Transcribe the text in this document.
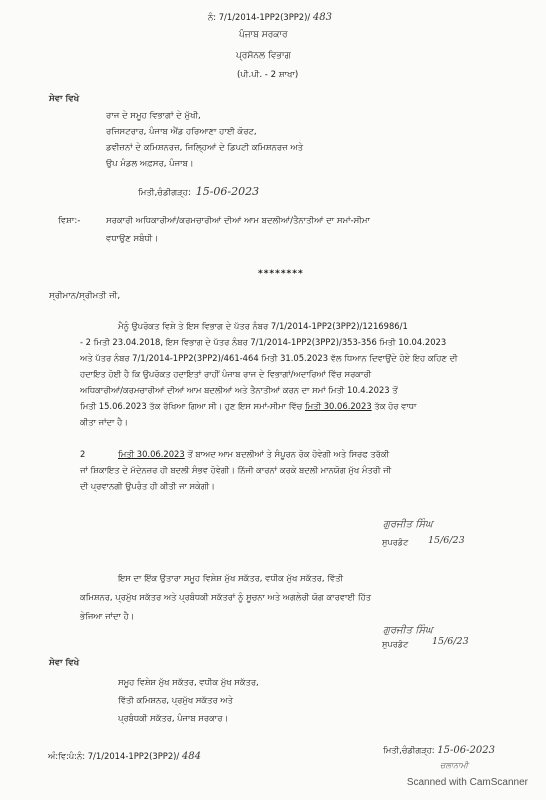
ਨੰ: 7/1/2014-1PP2(3PP2)/ 483
ਪੰਜਾਬ ਸਰਕਾਰ
ਪ੍ਰਸੋਨਲ ਵਿਭਾਗ
(ਪੀ.ਪੀ. - 2 ਸ਼ਾਖਾ)
ਸੇਵਾ ਵਿਖੇ
ਰਾਜ ਦੇ ਸਮੂਹ ਵਿਭਾਗਾਂ ਦੇ ਮੁੱਖੀ,
ਰਜਿਸਟਰਾਰ, ਪੰਜਾਬ ਐਂਡ ਹਰਿਆਣਾ ਹਾਈ ਕੋਰਟ,
ਡਵੀਜ਼ਨਾਂ ਦੇ ਕਮਿਸ਼ਨਰਜ਼, ਜਿਲ੍ਹਿਆਂ ਦੇ ਡਿਪਟੀ ਕਮਿਸ਼ਨਰਜ਼ ਅਤੇ
ਉਪ ਮੰਡਲ ਅਫ਼ਸਰ, ਪੰਜਾਬ।
ਮਿਤੀ,ਚੰਡੀਗੜ੍ਹ: 15-06-2023
ਵਿਸ਼ਾ:-	ਸਰਕਾਰੀ ਅਧਿਕਾਰੀਆਂ/ਕਰਮਚਾਰੀਆਂ ਦੀਆਂ ਆਮ ਬਦਲੀਆਂ/ਤੈਨਾਤੀਆਂ ਦਾ ਸਮਾਂ-ਸੀਮਾ
ਵਧਾਉਣ ਸਬੰਧੀ।
********
ਸ੍ਰੀਮਾਨ/ਸ੍ਰੀਮਤੀ ਜੀ,
ਮੈਨੂੰ ਉਪਰੋਕਤ ਵਿਸ਼ੇ ਤੇ ਇਸ ਵਿਭਾਗ ਦੇ ਪੱਤਰ ਨੰਬਰ 7/1/2014-1PP2(3PP2)/1216986/1
- 2 ਮਿਤੀ 23.04.2018, ਇਸ ਵਿਭਾਗ ਦੇ ਪੱਤਰ ਨੰਬਰ 7/1/2014-1PP2(3PP2)/353-356 ਮਿਤੀ 10.04.2023
ਅਤੇ ਪੱਤਰ ਨੰਬਰ 7/1/2014-1PP2(3PP2)/461-464 ਮਿਤੀ 31.05.2023 ਵੱਲ ਧਿਆਨ ਦਿਵਾਉਂਦੇ ਹੋਏ ਇਹ ਕਹਿਣ ਦੀ
ਹਦਾਇਤ ਹੋਈ ਹੈ ਕਿ ਉਪਰੋਕਤ ਹਦਾਇਤਾਂ ਰਾਹੀਂ ਪੰਜਾਬ ਰਾਜ ਦੇ ਵਿਭਾਗਾਂ/ਅਦਾਰਿਆਂ ਵਿੱਚ ਸਰਕਾਰੀ
ਅਧਿਕਾਰੀਆਂ/ਕਰਮਚਾਰੀਆਂ ਦੀਆਂ ਆਮ ਬਦਲੀਆਂ ਅਤੇ ਤੈਨਾਤੀਆਂ ਕਰਨ ਦਾ ਸਮਾਂ ਮਿਤੀ 10.4.2023 ਤੋਂ
ਮਿਤੀ 15.06.2023 ਤੱਕ ਰੱਖਿਆ ਗਿਆ ਸੀ। ਹੁਣ ਇਸ ਸਮਾਂ-ਸੀਮਾ ਵਿੱਚ ਮਿਤੀ 30.06.2023 ਤੱਕ ਹੋਰ ਵਾਧਾ
ਕੀਤਾ ਜਾਂਦਾ ਹੈ।
2	ਮਿਤੀ 30.06.2023 ਤੋਂ ਬਾਅਦ ਆਮ ਬਦਲੀਆਂ ਤੇ ਸੰਪੂਰਨ ਰੋਕ ਹੋਵੇਗੀ ਅਤੇ ਸਿਰਫ ਤਰੱਕੀ
ਜਾਂ ਸ਼ਿਕਾਇਤ ਦੇ ਮੱਦੇਨਜ਼ਰ ਹੀ ਬਦਲੀ ਸੰਭਵ ਹੋਵੇਗੀ। ਨਿੱਜੀ ਕਾਰਨਾਂ ਕਰਕੇ ਬਦਲੀ ਮਾਨਯੋਗ ਮੁੱਖ ਮੰਤਰੀ ਜੀ
ਦੀ ਪ੍ਰਵਾਨਗੀ ਉਪਰੰਤ ਹੀ ਕੀਤੀ ਜਾ ਸਕੇਗੀ।
ਗੁਰਜੀਤ ਸਿੰਘ
ਸੁਪਰਡੰਟ 15/6/23
ਇਸ ਦਾ ਇੱਕ ਉਤਾਰਾ ਸਮੂਹ ਵਿਸ਼ੇਸ਼ ਮੁੱਖ ਸਕੱਤਰ, ਵਧੀਕ ਮੁੱਖ ਸਕੱਤਰ, ਵਿੱਤੀ
ਕਮਿਸ਼ਨਰ, ਪ੍ਰਮੁੱਖ ਸਕੱਤਰ ਅਤੇ ਪ੍ਰਬੰਧਕੀ ਸਕੱਤਰਾਂ ਨੂੰ ਸੂਚਨਾ ਅਤੇ ਅਗਲੇਰੀ ਯੋਗ ਕਾਰਵਾਈ ਹਿੱਤ
ਭੇਜਿਆ ਜਾਂਦਾ ਹੈ।
ਗੁਰਜੀਤ ਸਿੰਘ
ਸੁਪਰਡੰਟ 15/6/23
ਸੇਵਾ ਵਿਖੇ
ਸਮੂਹ ਵਿਸ਼ੇਸ਼ ਮੁੱਖ ਸਕੱਤਰ, ਵਧੀਕ ਮੁੱਖ ਸਕੱਤਰ,
ਵਿੱਤੀ ਕਮਿਸ਼ਨਰ, ਪ੍ਰਮੁੱਖ ਸਕੱਤਰ ਅਤੇ
ਪ੍ਰਬੰਧਕੀ ਸਕੱਤਰ, ਪੰਜਾਬ ਸਰਕਾਰ।
ਅੰ:ਵਿ:ਪੰ:ਨੰ: 7/1/2014-1PP2(3PP2)/ 484
ਮਿਤੀ,ਚੰਡੀਗੜ੍ਹ: 15-06-2023
ਚਲਾਨਾਮੀ
Scanned with CamScanner
